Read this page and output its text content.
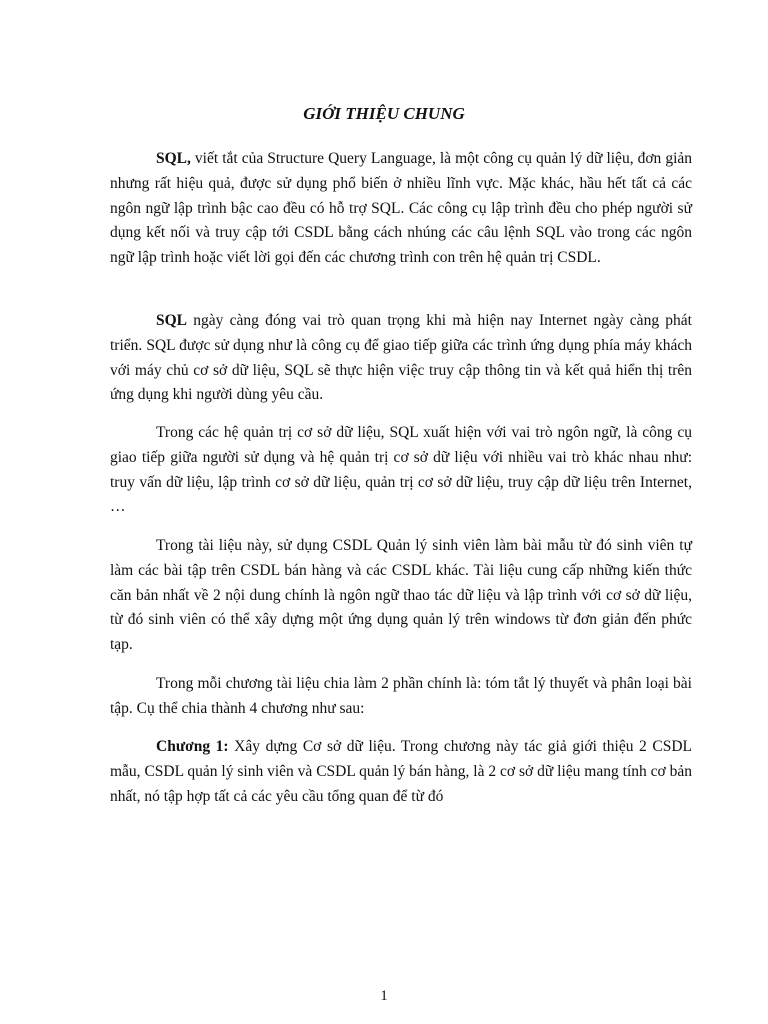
GIỚI THIỆU CHUNG

SQL, viết tắt của Structure Query Language, là một công cụ quản lý dữ liệu, đơn giản nhưng rất hiệu quả, được sử dụng phổ biến ở nhiều lĩnh vực. Mặc khác, hầu hết tất cả các ngôn ngữ lập trình bậc cao đều có hỗ trợ SQL. Các công cụ lập trình đều cho phép người sử dụng kết nối và truy cập tới CSDL bằng cách nhúng các câu lệnh SQL vào trong các ngôn ngữ lập trình hoặc viết lời gọi đến các chương trình con trên hệ quản trị CSDL.

SQL ngày càng đóng vai trò quan trọng khi mà hiện nay Internet ngày càng phát triển. SQL được sử dụng như là công cụ để giao tiếp giữa các trình ứng dụng phía máy khách với máy chủ cơ sở dữ liệu, SQL sẽ thực hiện việc truy cập thông tin và kết quả hiển thị trên ứng dụng khi người dùng yêu cầu.

Trong các hệ quản trị cơ sở dữ liệu, SQL xuất hiện với vai trò ngôn ngữ, là công cụ giao tiếp giữa người sử dụng và hệ quản trị cơ sở dữ liệu với nhiều vai trò khác nhau như: truy vấn dữ liệu, lập trình cơ sở dữ liệu, quản trị cơ sở dữ liệu, truy cập dữ liệu trên Internet, …

Trong tài liệu này, sử dụng CSDL Quản lý sinh viên làm bài mẫu từ đó sinh viên tự làm các bài tập trên CSDL bán hàng và các CSDL khác. Tài liệu cung cấp những kiến thức căn bản nhất về 2 nội dung chính là ngôn ngữ thao tác dữ liệu và lập trình với cơ sở dữ liệu, từ đó sinh viên có thể xây dựng một ứng dụng quản lý trên windows từ đơn giản đến phức tạp.

Trong mỗi chương tài liệu chia làm 2 phần chính là: tóm tắt lý thuyết và phân loại bài tập. Cụ thể chia thành 4 chương như sau:

Chương 1: Xây dựng Cơ sở dữ liệu. Trong chương này tác giả giới thiệu 2 CSDL mẫu, CSDL quản lý sinh viên và CSDL quản lý bán hàng, là 2 cơ sở dữ liệu mang tính cơ bản nhất, nó tập hợp tất cả các yêu cầu tổng quan để từ đó

1
